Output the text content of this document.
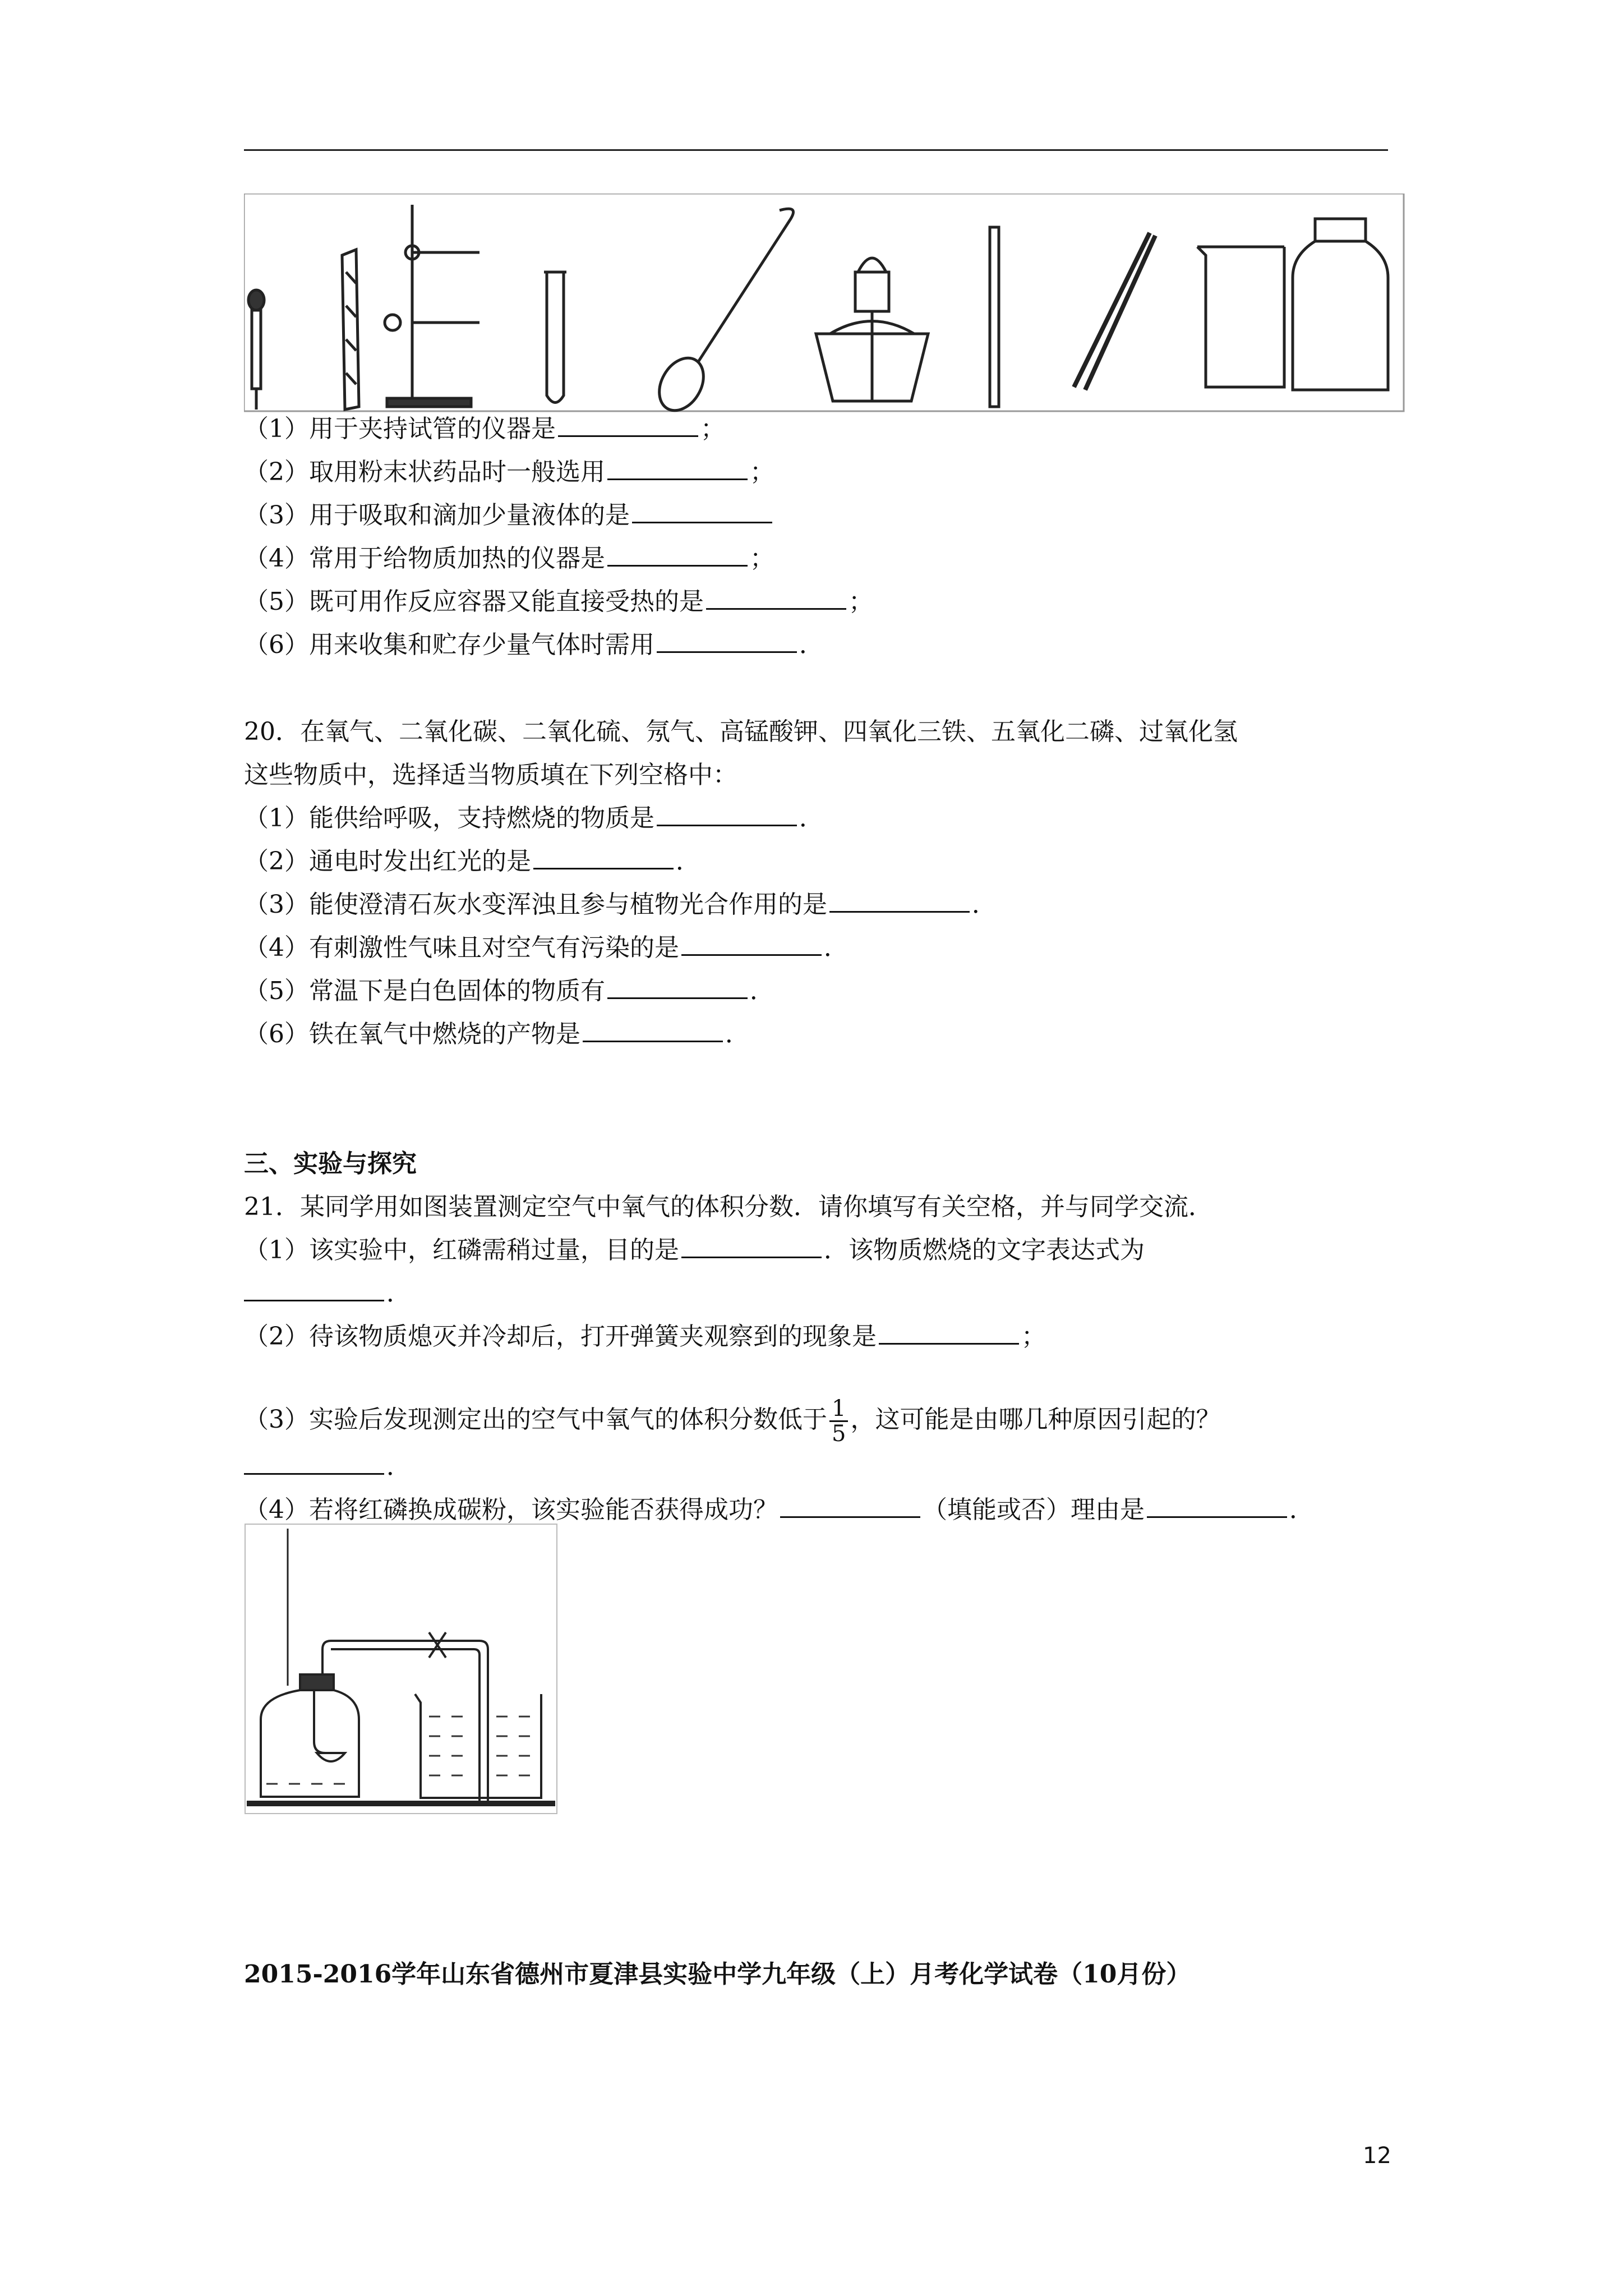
（1）用于夹持试管的仪器是	；
（2）取用粉末状药品时一般选用	；
（3）用于吸取和滴加少量液体的是
（4）常用于给物质加热的仪器是	；
（5）既可用作反应容器又能直接受热的是	；
（6）用来收集和贮存少量气体时需用	．
20．在氧气、二氧化碳、二氧化硫、氖气、高锰酸钾、四氧化三铁、五氧化二磷、过氧化氢
这些物质中，选择适当物质填在下列空格中：
（1）能供给呼吸，支持燃烧的物质是	．
（2）通电时发出红光的是	．
（3）能使澄清石灰水变浑浊且参与植物光合作用的是	．
（4）有刺激性气味且对空气有污染的是	．
（5）常温下是白色固体的物质有	．
（6）铁在氧气中燃烧的产物是	．
三、实验与探究
21．某同学用如图装置测定空气中氧气的体积分数．请你填写有关空格，并与同学交流．
（1）该实验中，红磷需稍过量，目的是	．该物质燃烧的文字表达式为
．
（2）待该物质熄灭并冷却后，打开弹簧夹观察到的现象是	；
（3）实验后发现测定出的空气中氧气的体积分数低于 $\frac{1}{5}$ ，这可能是由哪几种原因引起的？
．
（4）若将红磷换成碳粉，该实验能否获得成功？	（填能或否）理由是	．
2015-2016学年山东省德州市夏津县实验中学九年级（上）月考化学试卷（10月份）
12
